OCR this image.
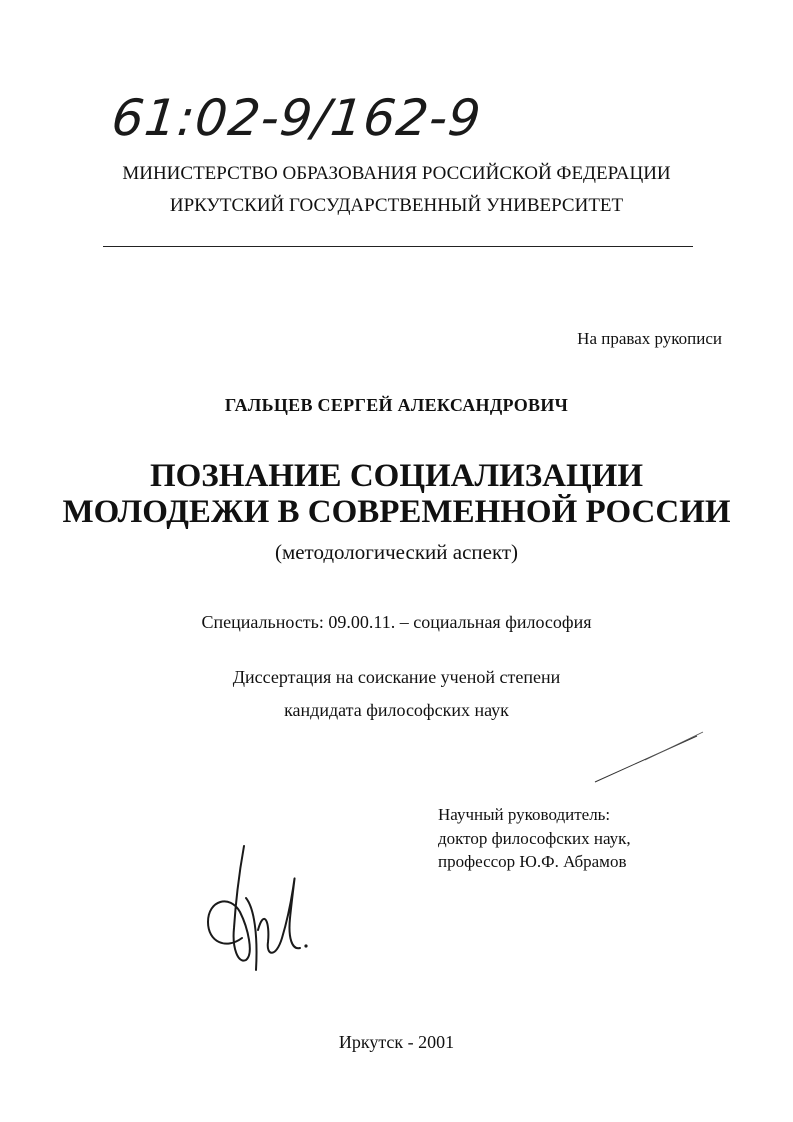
61:02-9/162-9
МИНИСТЕРСТВО ОБРАЗОВАНИЯ РОССИЙСКОЙ ФЕДЕРАЦИИ
ИРКУТСКИЙ ГОСУДАРСТВЕННЫЙ УНИВЕРСИТЕТ
На правах рукописи
ГАЛЬЦЕВ СЕРГЕЙ АЛЕКСАНДРОВИЧ
ПОЗНАНИЕ СОЦИАЛИЗАЦИИ
МОЛОДЕЖИ В СОВРЕМЕННОЙ РОССИИ
(методологический аспект)
Специальность: 09.00.11. – социальная философия
Диссертация на соискание ученой степени
кандидата философских наук
Научный руководитель:
доктор философских наук,
профессор Ю.Ф. Абрамов
Иркутск - 2001
